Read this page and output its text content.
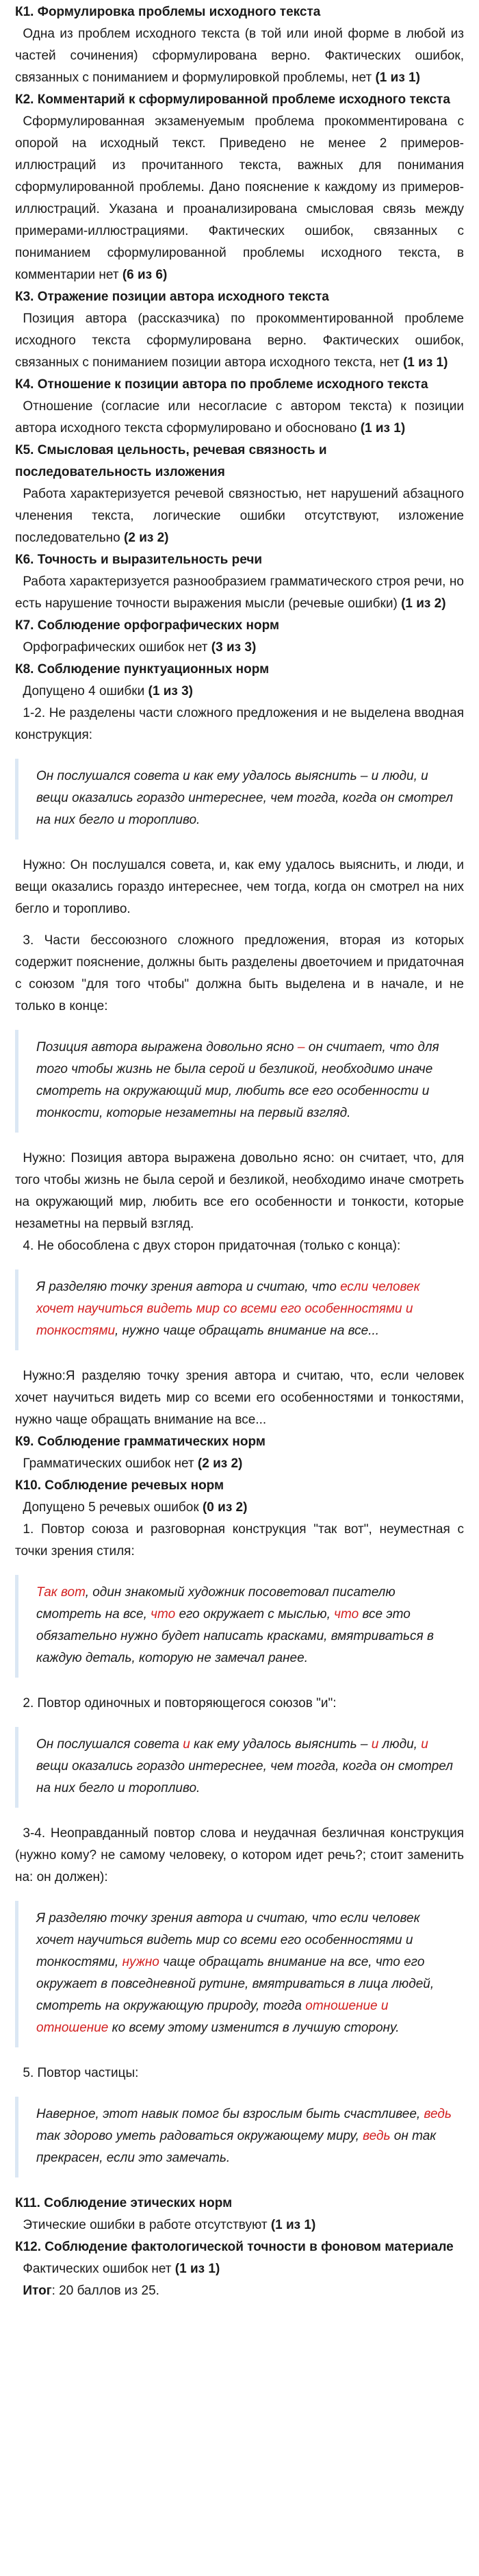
К1. Формулировка проблемы исходного текста

Одна из проблем исходного текста (в той или иной форме в любой из частей сочинения) сформулирована верно. Фактических ошибок, связанных с пониманием и формулировкой проблемы, нет (1 из 1)

К2. Комментарий к сформулированной проблеме исходного текста

Сформулированная экзаменуемым проблема прокомментирована с опорой на исходный текст. Приведено не менее 2 примеров-иллюстраций из прочитанного текста, важных для понимания сформулированной проблемы. Дано пояснение к каждому из примеров-иллюстраций. Указана и проанализирована смысловая связь между примерами-иллюстрациями. Фактических ошибок, связанных с пониманием сформулированной проблемы исходного текста, в комментарии нет (6 из 6)

К3. Отражение позиции автора исходного текста

Позиция автора (рассказчика) по прокомментированной проблеме исходного текста сформулирована верно. Фактических ошибок, связанных с пониманием позиции автора исходного текста, нет (1 из 1)

К4. Отношение к позиции автора по проблеме исходного текста

Отношение (согласие или несогласие с автором текста) к позиции автора исходного текста сформулировано и обосновано (1 из 1)

К5. Смысловая цельность, речевая связность и последовательность изложения

Работа характеризуется речевой связностью, нет нарушений абзацного членения текста, логические ошибки отсутствуют, изложение последовательно (2 из 2)

К6. Точность и выразительность речи

Работа характеризуется разнообразием грамматического строя речи, но есть нарушение точности выражения мысли (речевые ошибки) (1 из 2)

К7. Соблюдение орфографических норм

Орфографических ошибок нет (3 из 3)

К8. Соблюдение пунктуационных норм

Допущено 4 ошибки (1 из 3)

1-2. Не разделены части сложного предложения и не выделена вводная конструкция:

Он послушался совета и как ему удалось выяснить – и люди, и вещи оказались гораздо интереснее, чем тогда, когда он смотрел на них бегло и торопливо.

Нужно: Он послушался совета, и, как ему удалось выяснить, и люди, и вещи оказались гораздо интереснее, чем тогда, когда он смотрел на них бегло и торопливо.

3. Части бессоюзного сложного предложения, вторая из которых содержит пояснение, должны быть разделены двоеточием и придаточная с союзом "для того чтобы" должна быть выделена и в начале, и не только в конце:

Позиция автора выражена довольно ясно – он считает, что для того чтобы жизнь не была серой и безликой, необходимо иначе смотреть на окружающий мир, любить все его особенности и тонкости, которые незаметны на первый взгляд.

Нужно: Позиция автора выражена довольно ясно: он считает, что, для того чтобы жизнь не была серой и безликой, необходимо иначе смотреть на окружающий мир, любить все его особенности и тонкости, которые незаметны на первый взгляд.

4. Не обособлена с двух сторон придаточная (только с конца):

Я разделяю точку зрения автора и считаю, что если человек хочет научиться видеть мир со всеми его особенностями и тонкостями, нужно чаще обращать внимание на все...

Нужно:Я разделяю точку зрения автора и считаю, что, если человек хочет научиться видеть мир со всеми его особенностями и тонкостями, нужно чаще обращать внимание на все...

К9. Соблюдение грамматических норм

Грамматических ошибок нет (2 из 2)

К10. Соблюдение речевых норм

Допущено 5 речевых ошибок (0 из 2)

1. Повтор союза и разговорная конструкция "так вот", неуместная с точки зрения стиля:

Так вот, один знакомый художник посоветовал писателю смотреть на все, что его окружает с мыслью, что все это обязательно нужно будет написать красками, вмятриваться в каждую деталь, которую не замечал ранее.

2. Повтор одиночных и повторяющегося союзов "и":

Он послушался совета и как ему удалось выяснить – и люди, и вещи оказались гораздо интереснее, чем тогда, когда он смотрел на них бегло и торопливо.

3-4. Неоправданный повтор слова и неудачная безличная конструкция (нужно кому? не самому человеку, о котором идет речь?; стоит заменить на: он должен):

Я разделяю точку зрения автора и считаю, что если человек хочет научиться видеть мир со всеми его особенностями и тонкостями, нужно чаще обращать внимание на все, что его окружает в повседневной рутине, вмятриваться в лица людей, смотреть на окружающую природу, тогда отношение и отношение ко всему этому изменится в лучшую сторону.

5. Повтор частицы:

Наверное, этот навык помог бы взрослым быть счастливее, ведь так здорово уметь радоваться окружающему миру, ведь он так прекрасен, если это замечать.

К11. Соблюдение этических норм

Этические ошибки в работе отсутствуют (1 из 1)

К12. Соблюдение фактологической точности в фоновом материале

Фактических ошибок нет (1 из 1)

Итог: 20 баллов из 25.
